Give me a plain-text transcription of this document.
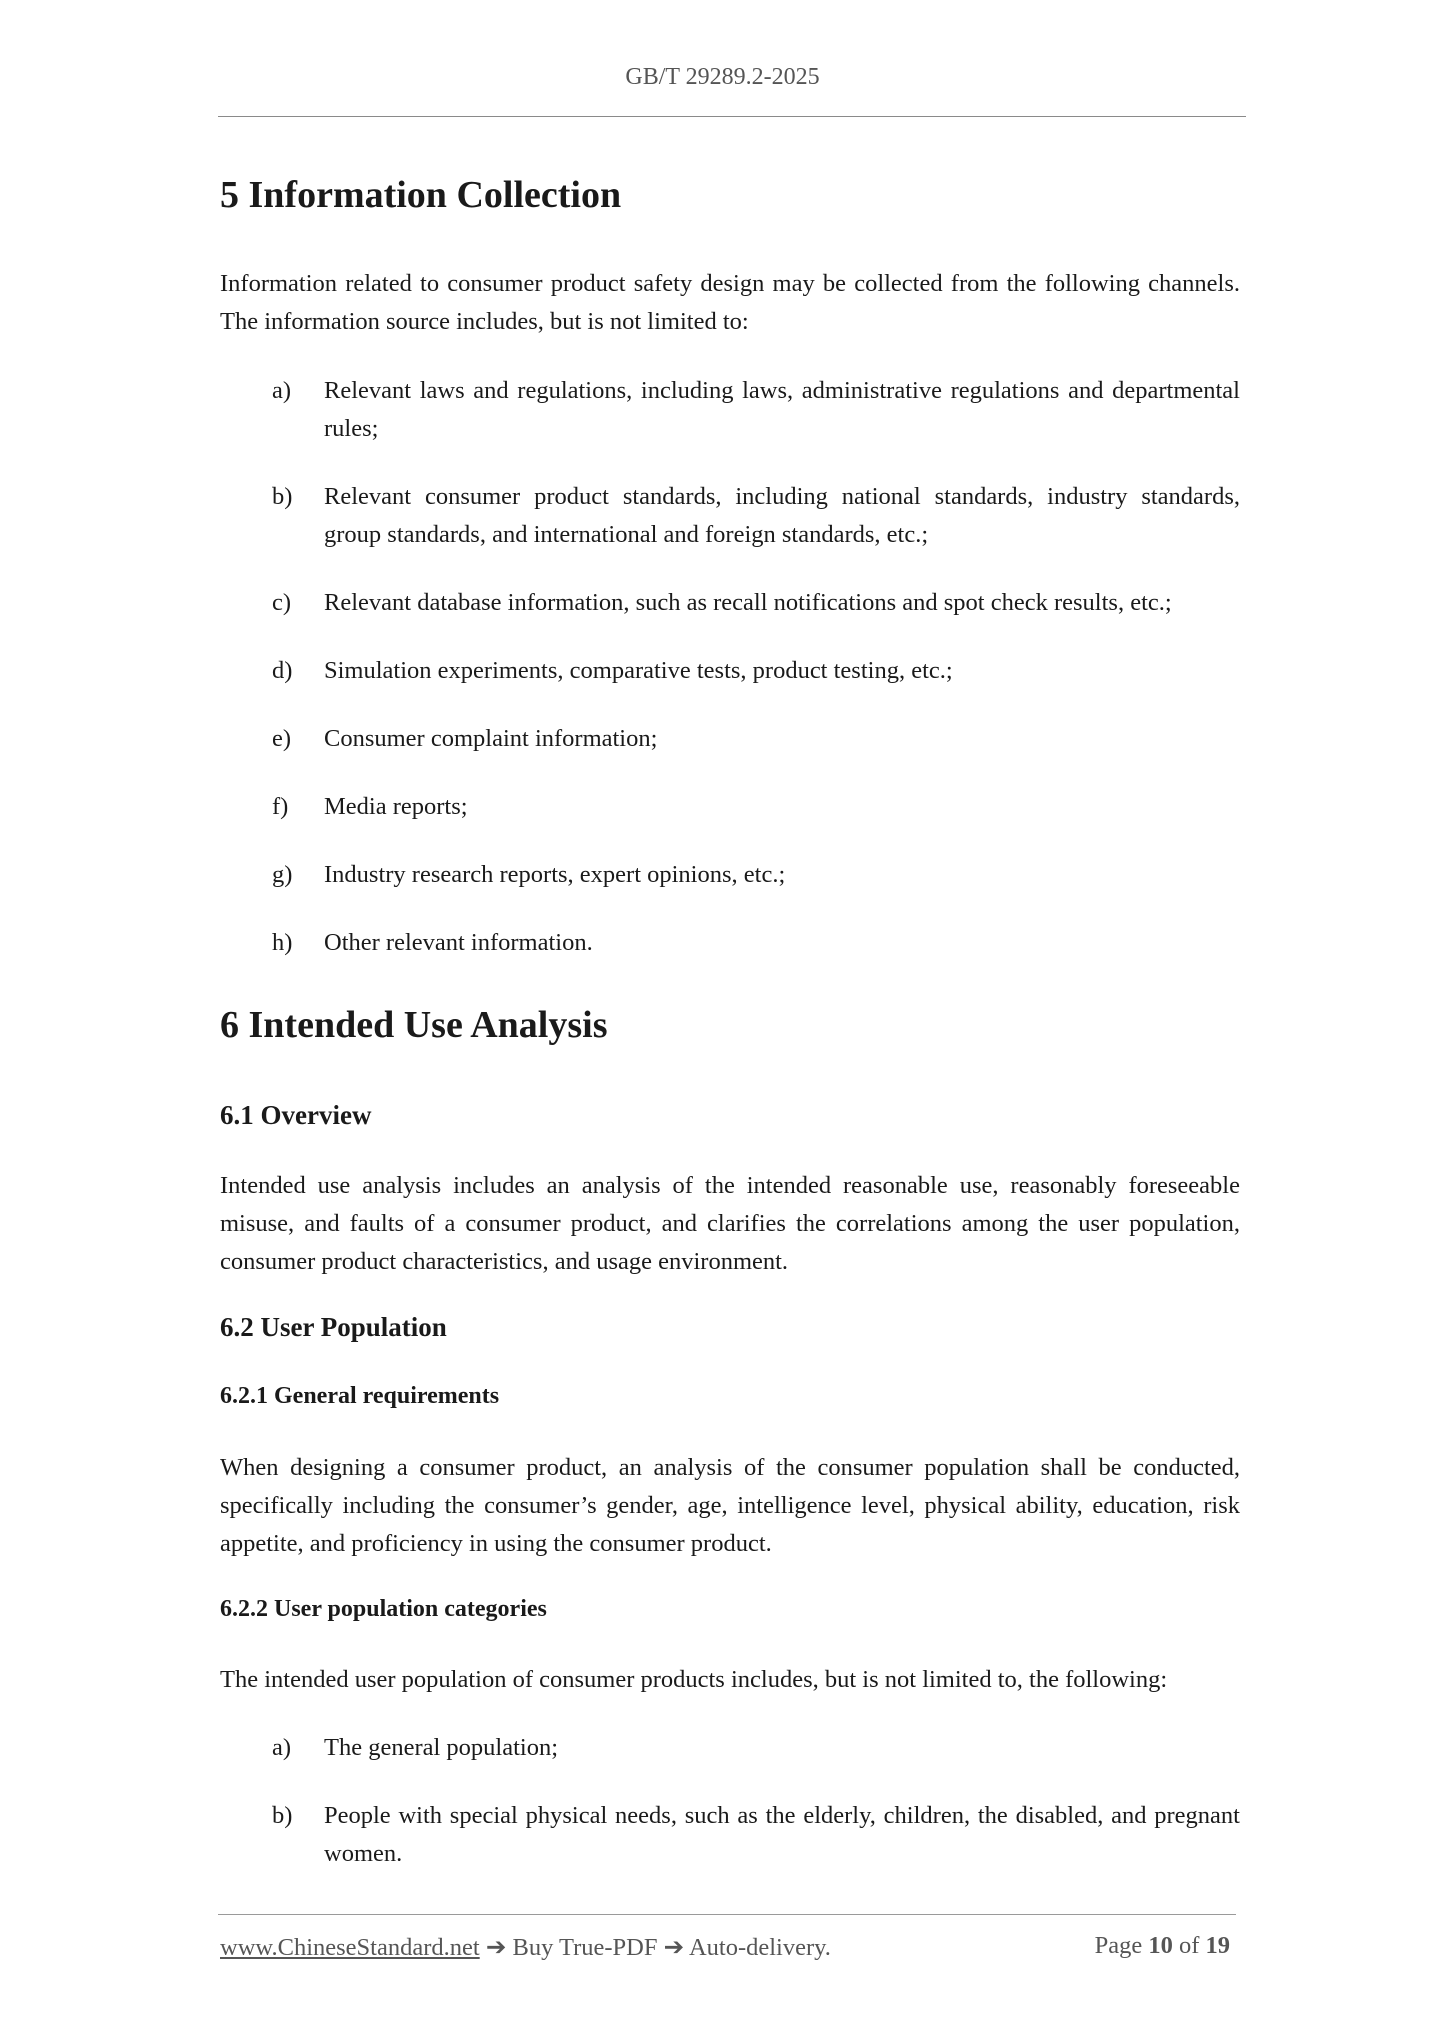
GB/T 29289.2-2025
5 Information Collection

Information related to consumer product safety design may be collected from the following channels. The information source includes, but is not limited to:

a) Relevant laws and regulations, including laws, administrative regulations and departmental rules;
b) Relevant consumer product standards, including national standards, industry standards, group standards, and international and foreign standards, etc.;
c) Relevant database information, such as recall notifications and spot check results, etc.;
d) Simulation experiments, comparative tests, product testing, etc.;
e) Consumer complaint information;
f) Media reports;
g) Industry research reports, expert opinions, etc.;
h) Other relevant information.
6 Intended Use Analysis
6.1 Overview

Intended use analysis includes an analysis of the intended reasonable use, reasonably foreseeable misuse, and faults of a consumer product, and clarifies the correlations among the user population, consumer product characteristics, and usage environment.

6.2 User Population
6.2.1 General requirements

When designing a consumer product, an analysis of the consumer population shall be conducted, specifically including the consumer’s gender, age, intelligence level, physical ability, education, risk appetite, and proficiency in using the consumer product.

6.2.2 User population categories

The intended user population of consumer products includes, but is not limited to, the following:

a) The general population;
b) People with special physical needs, such as the elderly, children, the disabled, and pregnant women.
www.ChineseStandard.net ➔ Buy True-PDF ➔ Auto-delivery.	Page 10 of 19
